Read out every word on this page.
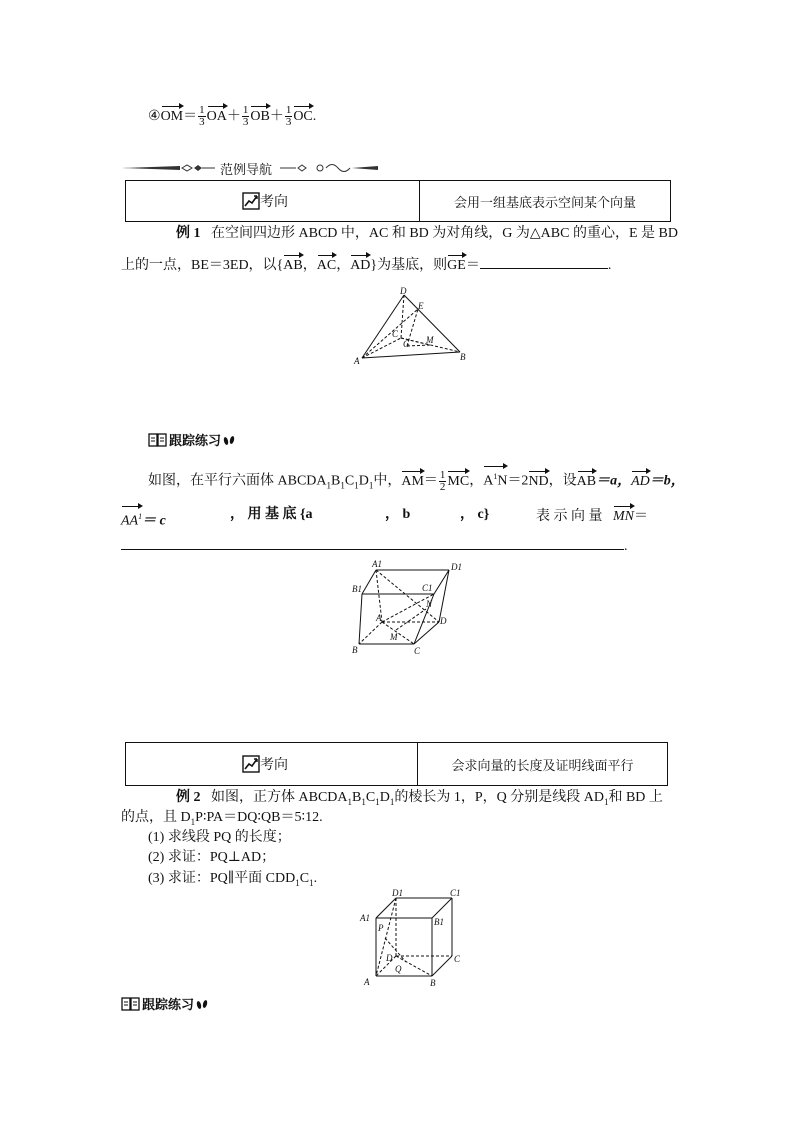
④OM＝ $\frac{1}{3} OA+ \frac{1}{3} OB+ \frac{1}{3}$ OC.
范例导航
考向	会用一组基底表示空间某个向量
例 1 在空间四边形 ABCD 中，AC 和 BD 为对角线，G 为△ABC 的重心，E 是 BD
上的一点，BE＝3ED，以{AB，AC，AD}为基底，则GE＝	.
D
E
C
G M
A	B
跟踪练习
如图，在平行六面体 $ABCDA_1B_1C_1D_1$中，$AM= \frac{1}{2}$ MC，$A^1N=2ND$，设AB＝a，AD＝b，
$AA^1= c$	， 用 基 底 {a	， b	， c}	表 示 向 量 MN＝
.
A1	D1
B1	C1
N
A	D
M
B	C
考向	会求向量的长度及证明线面平行
例 2 如图，正方体 $ABCDA_1B_1C_1D_1$的棱长为 1，P，Q 分别是线段 $AD_1$和 BD 上
的点，且 $D_1P∶PA=DQ∶QB=5∶12$.
(1) 求线段 PQ 的长度；
(2) 求证：PQ⊥AD；
(3) 求证：PQ∥平面 $CDD_1C_1$.
D1	C1
A1	B1
P
D	C
Q
A	B
跟踪练习
